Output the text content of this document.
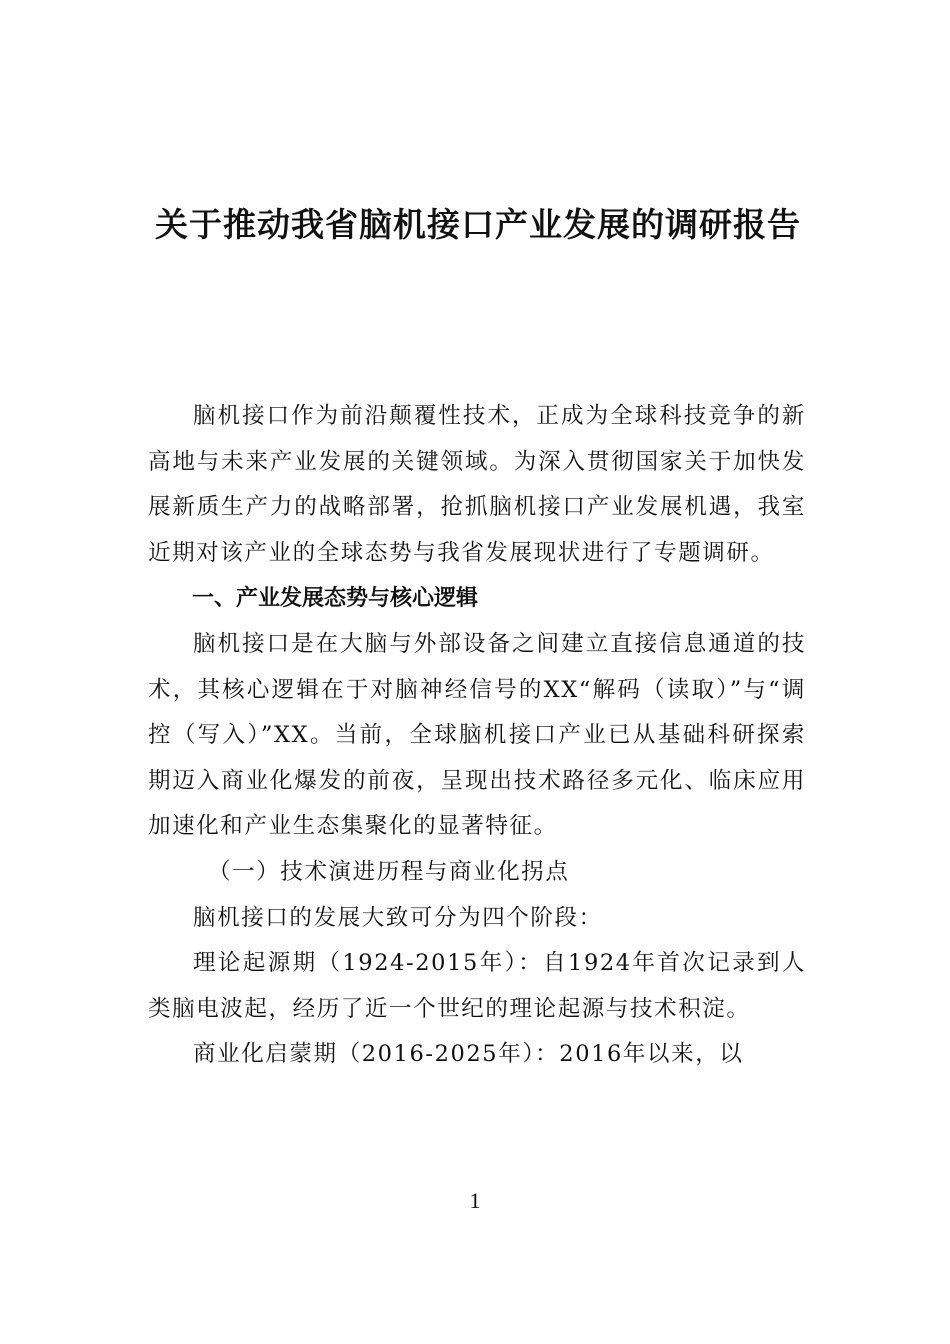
关于推动我省脑机接口产业发展的调研报告

脑机接口作为前沿颠覆性技术，正成为全球科技竞争的新高地与未来产业发展的关键领域。为深入贯彻国家关于加快发展新质生产力的战略部署，抢抓脑机接口产业发展机遇，我室近期对该产业的全球态势与我省发展现状进行了专题调研。

一、产业发展态势与核心逻辑

脑机接口是在大脑与外部设备之间建立直接信息通道的技术，其核心逻辑在于对脑神经信号的XX“解码（读取）”与“调控（写入）”XX。当前，全球脑机接口产业已从基础科研探索期迈入商业化爆发的前夜，呈现出技术路径多元化、临床应用加速化和产业生态集聚化的显著特征。

（一）技术演进历程与商业化拐点

脑机接口的发展大致可分为四个阶段：

理论起源期（1924-2015年）：自1924年首次记录到人类脑电波起，经历了近一个世纪的理论起源与技术积淀。

商业化启蒙期（2016-2025年）：2016年以来，以

1
